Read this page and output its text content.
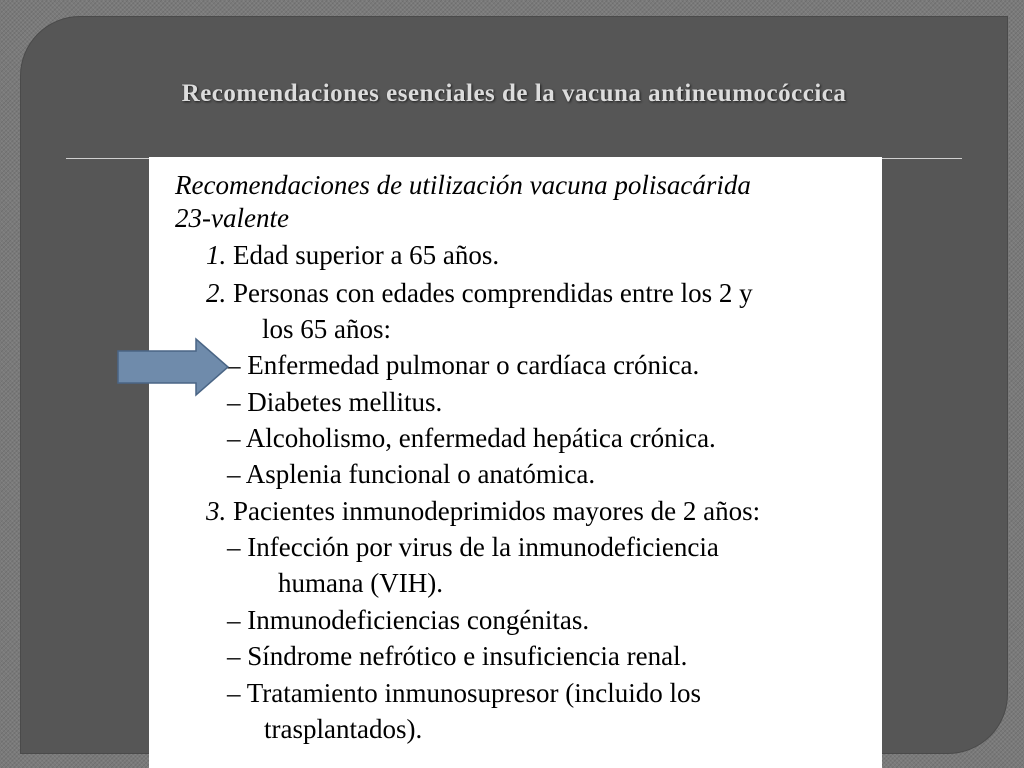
Recomendaciones esenciales de la vacuna antineumocóccica
Recomendaciones de utilización vacuna polisacárida
23-valente
1. Edad superior a 65 años.
2. Personas con edades comprendidas entre los 2 y
los 65 años:
– Enfermedad pulmonar o cardíaca crónica.
– Diabetes mellitus.
– Alcoholismo, enfermedad hepática crónica.
– Asplenia funcional o anatómica.
3. Pacientes inmunodeprimidos mayores de 2 años:
– Infección por virus de la inmunodeficiencia
humana (VIH).
– Inmunodeficiencias congénitas.
– Síndrome nefrótico e insuficiencia renal.
– Tratamiento inmunosupresor (incluido los
trasplantados).
